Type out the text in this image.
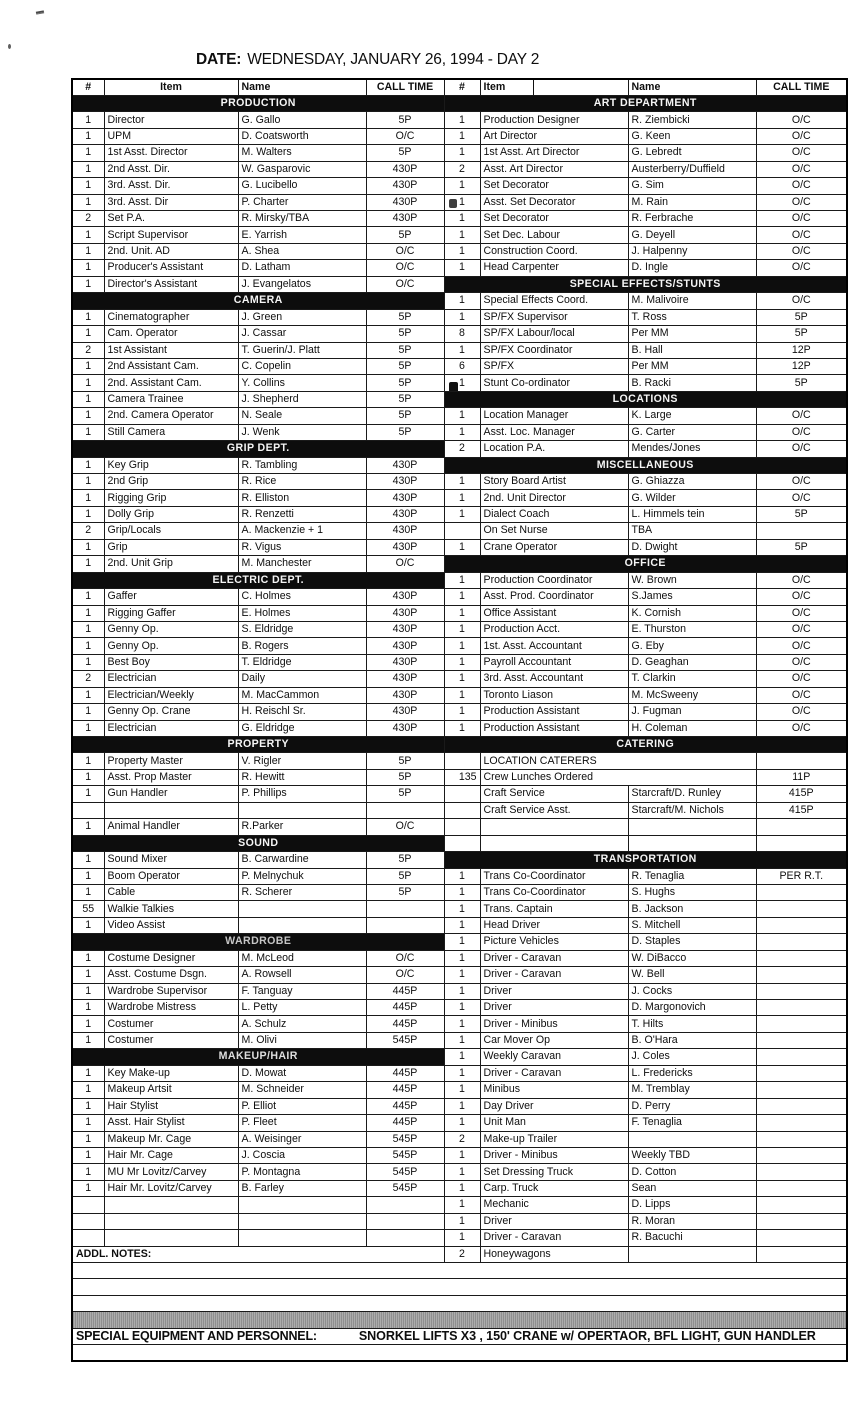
DATE: WEDNESDAY, JANUARY 26, 1994 - DAY 2
#	Item	Name	CALL TIME	#	Item	Name	CALL TIME
PRODUCTION				ART DEPARTMENT			
1	Director	G. Gallo	5P	1	Production Designer	R. Ziembicki	O/C
1	UPM	D. Coatsworth	O/C	1	Art Director	G. Keen	O/C
1	1st Asst. Director	M. Walters	5P	1	1st Asst. Art Director	G. Lebredt	O/C
1	2nd Asst. Dir.	W. Gasparovic	430P	2	Asst. Art Director	Austerberry/Duffield	O/C
1	3rd. Asst. Dir.	G. Lucibello	430P	1	Set Decorator	G. Sim	O/C
1	3rd. Asst. Dir	P. Charter	430P	1	Asst. Set Decorator	M. Rain	O/C
2	Set P.A.	R. Mirsky/TBA	430P	1	Set Decorator	R. Ferbrache	O/C
1	Script Supervisor	E. Yarrish	5P	1	Set Dec. Labour	G. Deyell	O/C
1	2nd. Unit. AD	A. Shea	O/C	1	Construction Coord.	J. Halpenny	O/C
1	Producer's Assistant	D. Latham	O/C	1	Head Carpenter	D. Ingle	O/C
1	Director's Assistant	J. Evangelatos	O/C	SPECIAL EFFECTS/STUNTS			
CAMERA				1	Special Effects Coord.	M. Malivoire	O/C
1	Cinematographer	J. Green	5P	1	SP/FX Supervisor	T. Ross	5P
1	Cam. Operator	J. Cassar	5P	8	SP/FX Labour/local	Per MM	5P
2	1st Assistant	T. Guerin/J. Platt	5P	1	SP/FX Coordinator	B. Hall	12P
1	2nd Assistant Cam.	C. Copelin	5P	6	SP/FX	Per MM	12P
1	2nd. Assistant Cam.	Y. Collins	5P	1	Stunt Co-ordinator	B. Racki	5P
1	Camera Trainee	J. Shepherd	5P	LOCATIONS			
1	2nd. Camera Operator	N. Seale	5P	1	Location Manager	K. Large	O/C
1	Still Camera	J. Wenk	5P	1	Asst. Loc. Manager	G. Carter	O/C
GRIP DEPT.				2	Location P.A.	Mendes/Jones	O/C
1	Key Grip	R. Tambling	430P	MISCELLANEOUS			
1	2nd Grip	R. Rice	430P	1	Story Board Artist	G. Ghiazza	O/C
1	Rigging Grip	R. Elliston	430P	1	2nd. Unit Director	G. Wilder	O/C
1	Dolly Grip	R. Renzetti	430P	1	Dialect Coach	L. Himmels tein	5P
2	Grip/Locals	A. Mackenzie + 1	430P		On Set Nurse	TBA	
1	Grip	R. Vigus	430P	1	Crane Operator	D. Dwight	5P
1	2nd. Unit Grip	M. Manchester	O/C	OFFICE			
ELECTRIC DEPT.				1	Production Coordinator	W. Brown	O/C
1	Gaffer	C. Holmes	430P	1	Asst. Prod. Coordinator	S.James	O/C
1	Rigging Gaffer	E. Holmes	430P	1	Office Assistant	K. Cornish	O/C
1	Genny Op.	S. Eldridge	430P	1	Production Acct.	E. Thurston	O/C
1	Genny Op.	B. Rogers	430P	1	1st. Asst. Accountant	G. Eby	O/C
1	Best Boy	T. Eldridge	430P	1	Payroll Accountant	D. Geaghan	O/C
2	Electrician	Daily	430P	1	3rd. Asst. Accountant	T. Clarkin	O/C
1	Electrician/Weekly	M. MacCammon	430P	1	Toronto Liason	M. McSweeny	O/C
1	Genny Op. Crane	H. Reischl Sr.	430P	1	Production Assistant	J. Fugman	O/C
1	Electrician	G. Eldridge	430P	1	Production Assistant	H. Coleman	O/C
PROPERTY				CATERING			
1	Property Master	V. Rigler	5P		LOCATION CATERERS		
1	Asst. Prop Master	R. Hewitt	5P	135	Crew Lunches Ordered		11P
1	Gun Handler	P. Phillips	5P		Craft Service	Starcraft/D. Runley	415P
					Craft Service Asst.	Starcraft/M. Nichols	415P
1	Animal Handler	R.Parker	O/C				
SOUND							
1	Sound Mixer	B. Carwardine	5P	TRANSPORTATION			
1	Boom Operator	P. Melnychuk	5P	1	Trans Co-Coordinator	R. Tenaglia	PER R.T.
1	Cable	R. Scherer	5P	1	Trans Co-Coordinator	S. Hughs	
55	Walkie Talkies			1	Trans. Captain	B. Jackson	
1	Video Assist			1	Head Driver	S. Mitchell	
WARDROBE				1	Picture Vehicles	D. Staples	
1	Costume Designer	M. McLeod	O/C	1	Driver - Caravan	W. DiBacco	
1	Asst. Costume Dsgn.	A. Rowsell	O/C	1	Driver - Caravan	W. Bell	
1	Wardrobe Supervisor	F. Tanguay	445P	1	Driver	J. Cocks	
1	Wardrobe Mistress	L. Petty	445P	1	Driver	D. Margonovich	
1	Costumer	A. Schulz	445P	1	Driver - Minibus	T. Hilts	
1	Costumer	M. Olivi	545P	1	Car Mover Op	B. O'Hara	
MAKEUP/HAIR				1	Weekly Caravan	J. Coles	
1	Key Make-up	D. Mowat	445P	1	Driver - Caravan	L. Fredericks	
1	Makeup Artsit	M. Schneider	445P	1	Minibus	M. Tremblay	
1	Hair Stylist	P. Elliot	445P	1	Day Driver	D. Perry	
1	Asst. Hair Stylist	P. Fleet	445P	1	Unit Man	F. Tenaglia	
1	Makeup Mr. Cage	A. Weisinger	545P	2	Make-up Trailer		
1	Hair Mr. Cage	J. Coscia	545P	1	Driver - Minibus	Weekly TBD	
1	MU Mr Lovitz/Carvey	P. Montagna	545P	1	Set Dressing Truck	D. Cotton	
1	Hair Mr. Lovitz/Carvey	B. Farley	545P	1	Carp. Truck	Sean	
				1	Mechanic	D. Lipps	
				1	Driver	R. Moran	
				1	Driver - Caravan	R. Bacuchi	
ADDL. NOTES:				2	Honeywagons		

SPECIAL EQUIPMENT AND PERSONNEL: SNORKEL LIFTS X3 , 150' CRANE w/ OPERTAOR, BFL LIGHT, GUN HANDLER							
